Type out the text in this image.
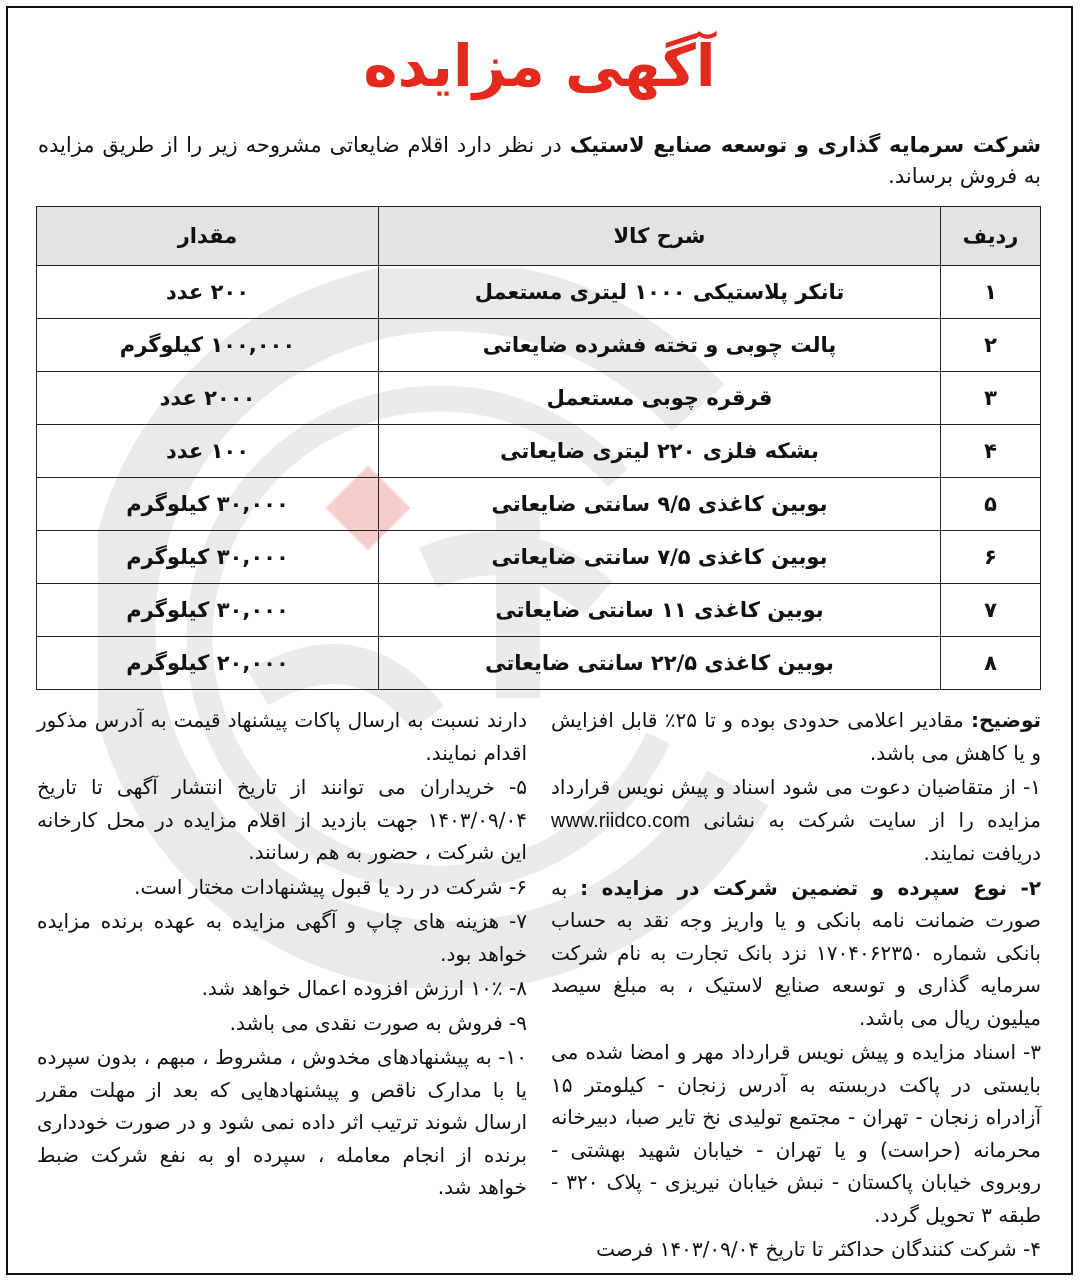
آگهی مزایده

شرکت سرمایه گذاری و توسعه صنایع لاستیک در نظر دارد اقلام ضایعاتی مشروحه زیر را از طریق مزایده به فروش برساند.

ردیف	شرح کالا	مقدار
۱	تانکر پلاستیکی ۱۰۰۰ لیتری مستعمل	۲۰۰ عدد
۲	پالت چوبی و تخته فشرده ضایعاتی	۱۰۰,۰۰۰ کیلوگرم
۳	قرقره چوبی مستعمل	۲۰۰۰ عدد
۴	بشکه فلزی ۲۲۰ لیتری ضایعاتی	۱۰۰ عدد
۵	بوبین کاغذی ۹/۵ سانتی ضایعاتی	۳۰,۰۰۰ کیلوگرم
۶	بوبین کاغذی ۷/۵ سانتی ضایعاتی	۳۰,۰۰۰ کیلوگرم
۷	بوبین کاغذی ۱۱ سانتی ضایعاتی	۳۰,۰۰۰ کیلوگرم
۸	بوبین کاغذی ۲۲/۵ سانتی ضایعاتی	۲۰,۰۰۰ کیلوگرم

توضیح: مقادیر اعلامی حدودی بوده و تا ۲۵٪ قابل افزایش و یا کاهش می باشد.

۱- از متقاضیان دعوت می شود اسناد و پیش نویس قرارداد مزایده را از سایت شرکت به نشانی www.riidco.com دریافت نمایند.

۲- نوع سپرده و تضمین شرکت در مزایده : به صورت ضمانت نامه بانکی و یا واریز وجه نقد به حساب بانکی شماره ۱۷۰۴۰۶۲۳۵۰ نزد بانک تجارت به نام شرکت سرمایه گذاری و توسعه صنایع لاستیک ، به مبلغ سیصد میلیون ریال می باشد.

۳- اسناد مزایده و پیش نویس قرارداد مهر و امضا شده می بایستی در پاکت دربسته به آدرس زنجان - کیلومتر ۱۵ آزادراه زنجان - تهران - مجتمع تولیدی نخ تایر صبا، دبیرخانه محرمانه (حراست) و یا تهران - خیابان شهید بهشتی - روبروی خیابان پاکستان - نبش خیابان نیریزی - پلاک ۳۲۰ - طبقه ۳ تحویل گردد.

۴- شرکت کنندگان حداکثر تا تاریخ ۱۴۰۳/۰۹/۰۴ فرصت

دارند نسبت به ارسال پاکات پیشنهاد قیمت به آدرس مذکور اقدام نمایند.

۵- خریداران می توانند از تاریخ انتشار آگهی تا تاریخ ۱۴۰۳/۰۹/۰۴ جهت بازدید از اقلام مزایده در محل کارخانه این شرکت ، حضور به هم رسانند.

۶- شرکت در رد یا قبول پیشنهادات مختار است.

۷- هزینه های چاپ و آگهی مزایده به عهده برنده مزایده خواهد بود.

۸- ۱۰٪ ارزش افزوده اعمال خواهد شد.

۹- فروش به صورت نقدی می باشد.

۱۰- به پیشنهادهای مخدوش ، مشروط ، مبهم ، بدون سپرده یا با مدارک ناقص و پیشنهادهایی که بعد از مهلت مقرر ارسال شوند ترتیب اثر داده نمی شود و در صورت خودداری برنده از انجام معامله ، سپرده او به نفع شرکت ضبط خواهد شد.
